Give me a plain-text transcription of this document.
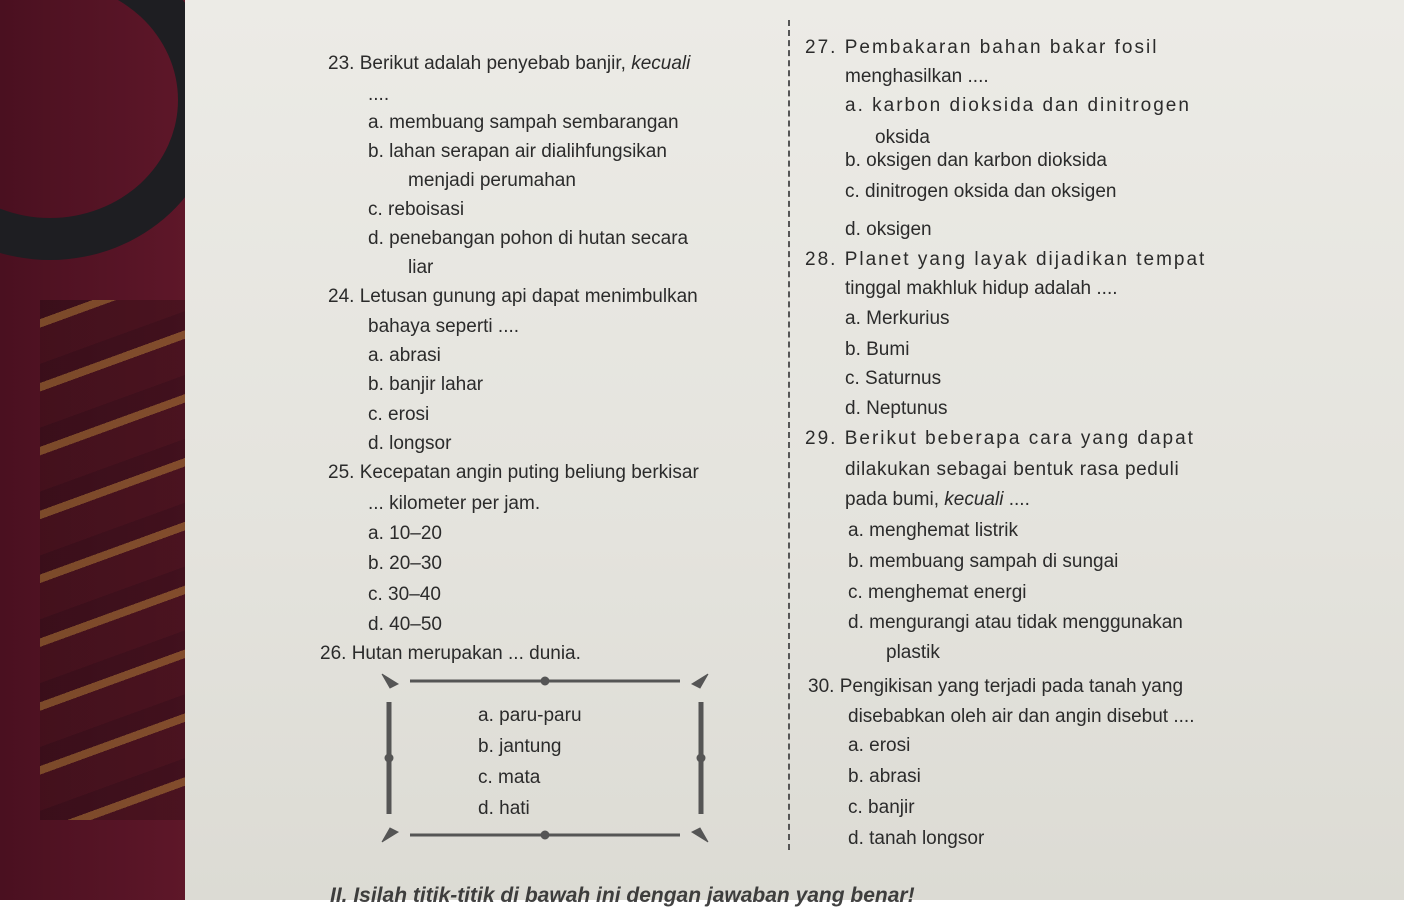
23. Berikut adalah penyebab banjir, kecuali
....
a. membuang sampah sembarangan
b. lahan serapan air dialihfungsikan
menjadi perumahan
c. reboisasi
d. penebangan pohon di hutan secara
liar
24. Letusan gunung api dapat menimbulkan
bahaya seperti ....
a. abrasi
b. banjir lahar
c. erosi
d. longsor
25. Kecepatan angin puting beliung berkisar
... kilometer per jam.
a. 10–20
b. 20–30
c. 30–40
d. 40–50
26. Hutan merupakan ... dunia.
a. paru-paru
b. jantung
c. mata
d. hati
27. Pembakaran bahan bakar fosil
menghasilkan ....
a. karbon dioksida dan dinitrogen
oksida
b. oksigen dan karbon dioksida
c. dinitrogen oksida dan oksigen
d. oksigen
28. Planet yang layak dijadikan tempat
tinggal makhluk hidup adalah ....
a. Merkurius
b. Bumi
c. Saturnus
d. Neptunus
29. Berikut beberapa cara yang dapat
dilakukan sebagai bentuk rasa peduli
pada bumi, kecuali ....
a. menghemat listrik
b. membuang sampah di sungai
c. menghemat energi
d. mengurangi atau tidak menggunakan
plastik
30. Pengikisan yang terjadi pada tanah yang
disebabkan oleh air dan angin disebut ....
a. erosi
b. abrasi
c. banjir
d. tanah longsor
II. Isilah titik-titik di bawah ini dengan jawaban yang benar!
